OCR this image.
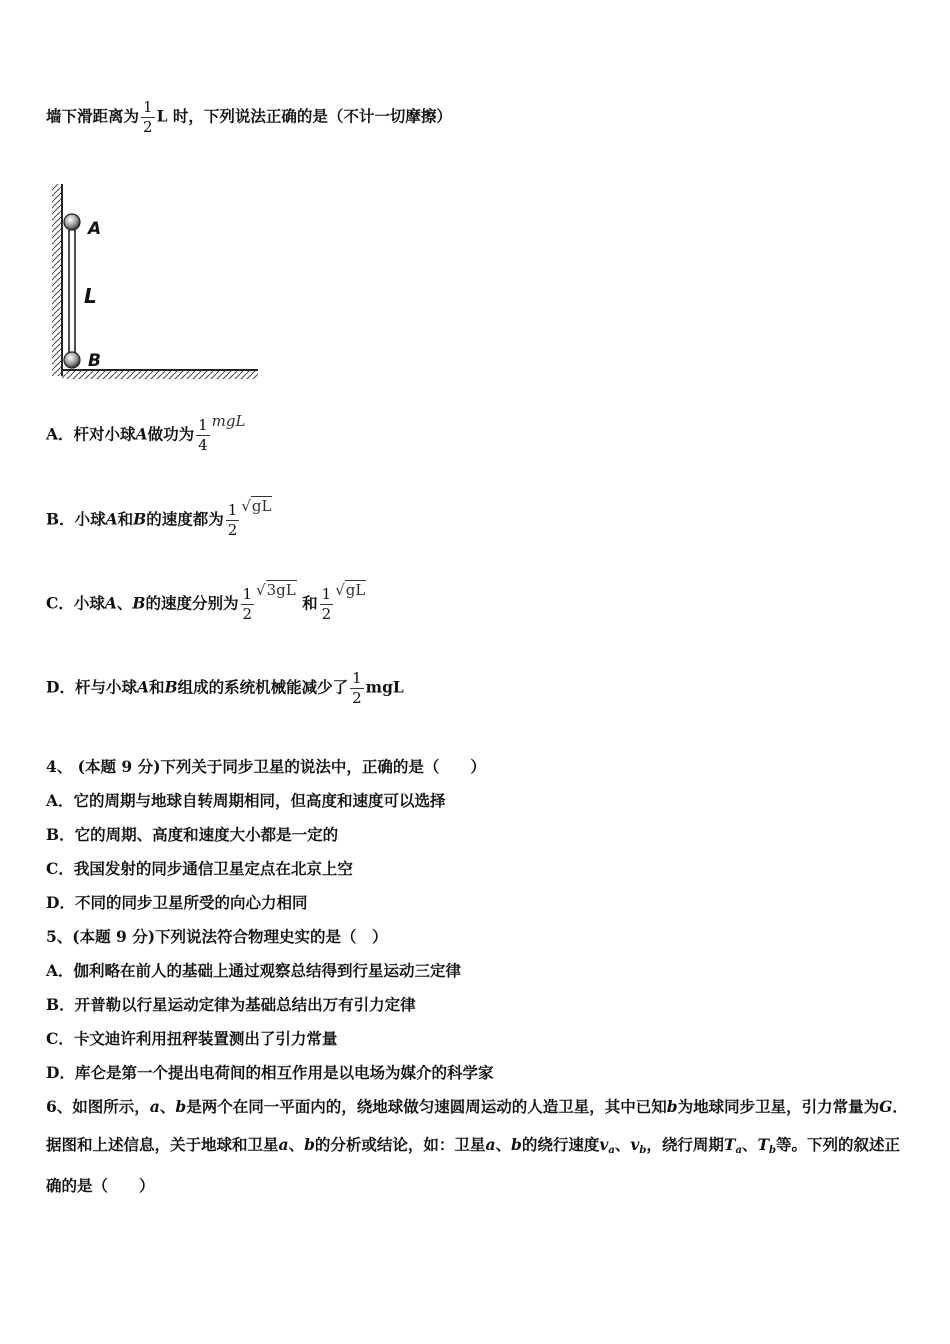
墙下滑距离为 $\frac{1}{2}$ L 时，下列说法正确的是（不计一切摩擦）
A
L
B
A．杆对小球A做功为 $\frac{1}{4}$ mgL
B．小球A和B的速度都为 $\frac{1}{2} √gL$
C．小球A、B的速度分别为 $\frac{1}{2} √3gL$ 和 $\frac{1}{2} √gL$
D．杆与小球A和B组成的系统机械能减少了 $\frac{1}{2}$ mgL
4、 (本题 9 分)下列关于同步卫星的说法中，正确的是（　　）
A．它的周期与地球自转周期相同，但高度和速度可以选择
B．它的周期、高度和速度大小都是一定的
C．我国发射的同步通信卫星定点在北京上空
D．不同的同步卫星所受的向心力相同
5、(本题 9 分)下列说法符合物理史实的是（　）
A．伽利略在前人的基础上通过观察总结得到行星运动三定律
B．开普勒以行星运动定律为基础总结出万有引力定律
C．卡文迪许利用扭秤装置测出了引力常量
D．库仑是第一个提出电荷间的相互作用是以电场为媒介的科学家
6、如图所示，a、b是两个在同一平面内的，绕地球做匀速圆周运动的人造卫星，其中已知b为地球同步卫星，引力常量为G．据图和上述信息，关于地球和卫星a、b的分析或结论，如：卫星a、b的绕行速度va、vb，绕行周期Ta、Tb等。下列的叙述正确的是（　　）
